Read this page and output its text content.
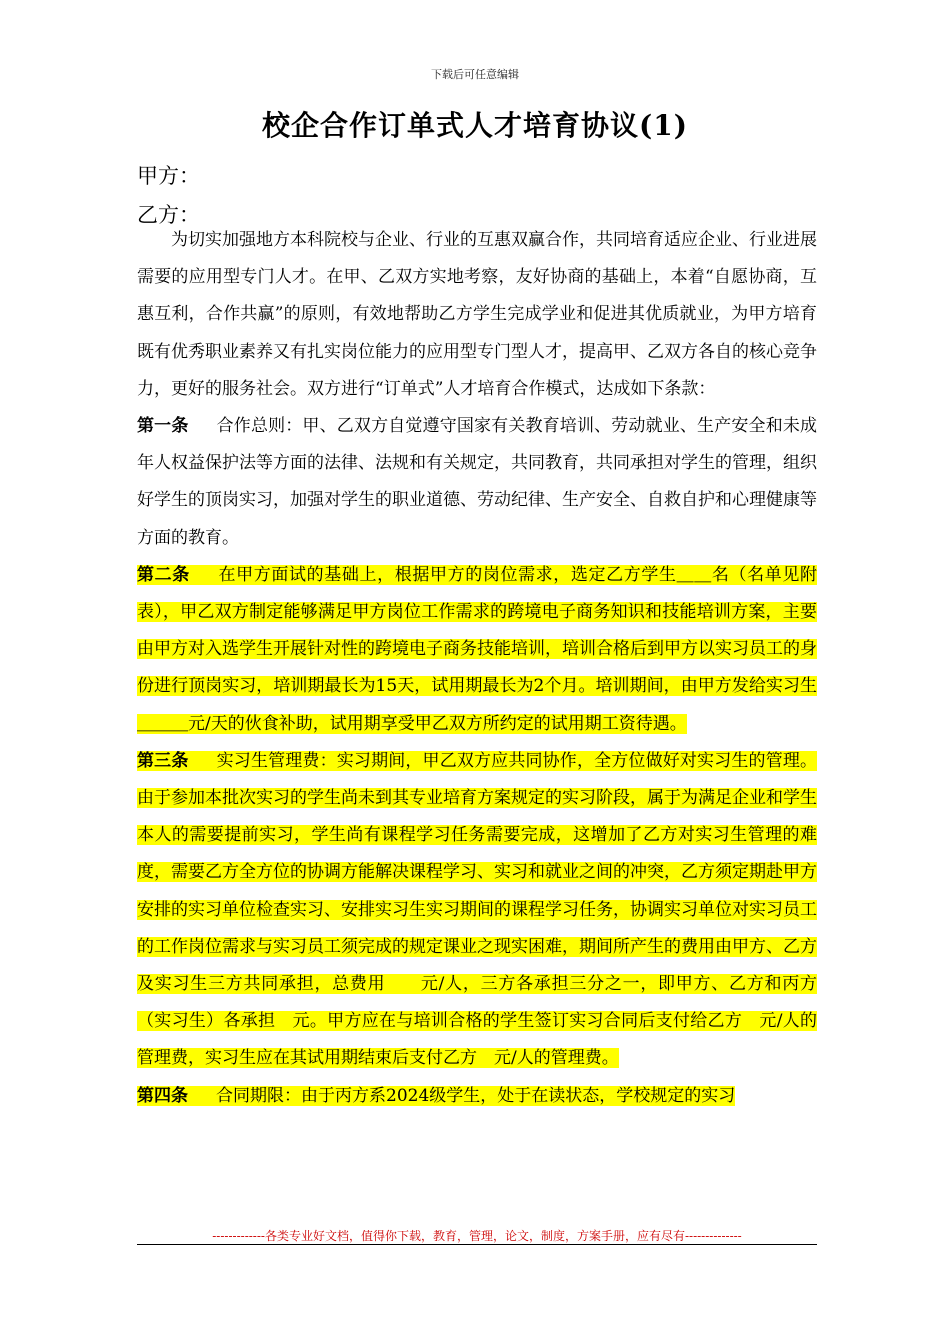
下载后可任意编辑
校企合作订单式人才培育协议(1)
甲方：
乙方：

为切实加强地方本科院校与企业、行业的互惠双赢合作，共同培育适应企业、行业进展需要的应用型专门人才。在甲、乙双方实地考察，友好协商的基础上，本着“自愿协商，互惠互利，合作共赢”的原则，有效地帮助乙方学生完成学业和促进其优质就业，为甲方培育既有优秀职业素养又有扎实岗位能力的应用型专门型人才，提高甲、乙双方各自的核心竞争力，更好的服务社会。双方进行“订单式”人才培育合作模式，达成如下条款：

第一条 合作总则：甲、乙双方自觉遵守国家有关教育培训、劳动就业、生产安全和未成年人权益保护法等方面的法律、法规和有关规定，共同教育，共同承担对学生的管理，组织好学生的顶岗实习，加强对学生的职业道德、劳动纪律、生产安全、自救自护和心理健康等方面的教育。

第二条 在甲方面试的基础上，根据甲方的岗位需求，选定乙方学生＿＿名（名单见附表），甲乙双方制定能够满足甲方岗位工作需求的跨境电子商务知识和技能培训方案，主要由甲方对入选学生开展针对性的跨境电子商务技能培训，培训合格后到甲方以实习员工的身份进行顶岗实习，培训期最长为15天，试用期最长为2个月。培训期间，由甲方发给实习生＿＿＿元/天的伙食补助，试用期享受甲乙双方所约定的试用期工资待遇。

第三条 实习生管理费：实习期间，甲乙双方应共同协作，全方位做好对实习生的管理。由于参加本批次实习的学生尚未到其专业培育方案规定的实习阶段，属于为满足企业和学生本人的需要提前实习，学生尚有课程学习任务需要完成，这增加了乙方对实习生管理的难度，需要乙方全方位的协调方能解决课程学习、实习和就业之间的冲突，乙方须定期赴甲方安排的实习单位检查实习、安排实习生实习期间的课程学习任务，协调实习单位对实习员工的工作岗位需求与实习员工须完成的规定课业之现实困难，期间所产生的费用由甲方、乙方及实习生三方共同承担，总费用　　 元/人，三方各承担三分之一，即甲方、乙方和丙方（实习生）各承担　 元。甲方应在与培训合格的学生签订实习合同后支付给乙方　 元/人的管理费，实习生应在其试用期结束后支付乙方　 元/人的管理费。

第四条 合同期限：由于丙方系2024级学生，处于在读状态，学校规定的实习

-------------各类专业好文档，值得你下载，教育，管理，论文，制度，方案手册，应有尽有--------------
